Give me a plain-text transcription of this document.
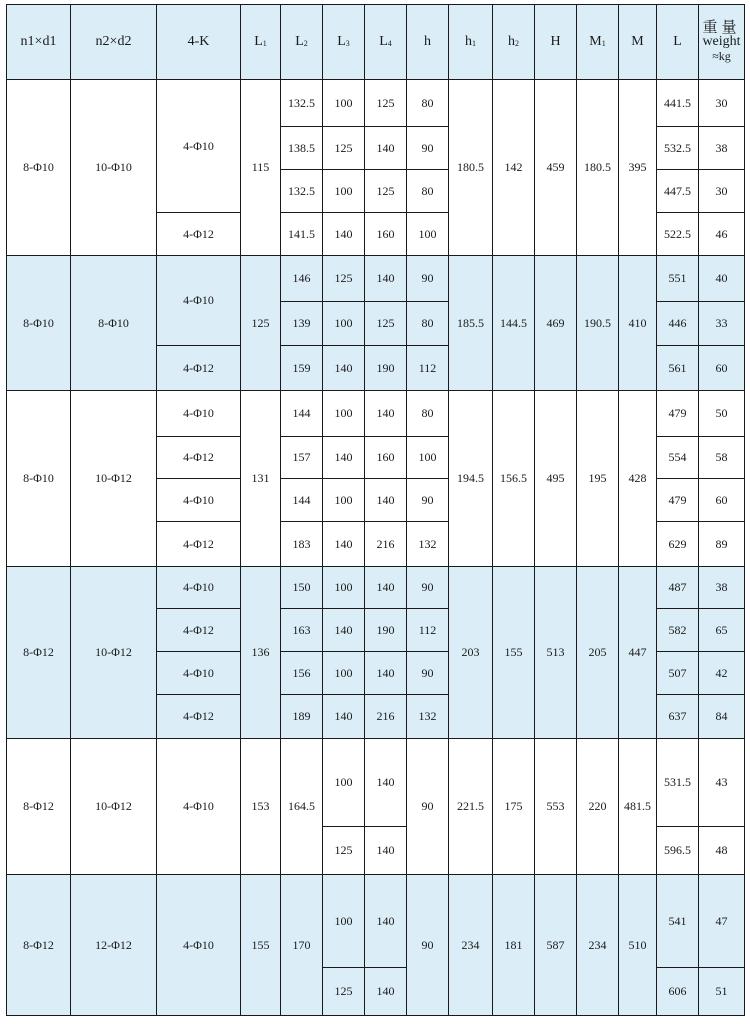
n1×d1	n2×d2	4-K	$L_1$	$L_2$	$L_3$	$L_4$	h	$h_1$	$h_2$	H	$M_1$	M	L	重量
weight
≈kg

8-Φ10	10-Φ10	4-Φ10	115	132.5	100	125	80	180.5	142	459	180.5	395	441.5	30
				138.5	125	140	90						532.5	38
				132.5	100	125	80						447.5	30
		4-Φ12		141.5	140	160	100						522.5	46
8-Φ10	8-Φ10	4-Φ10	125	146	125	140	90	185.5	144.5	469	190.5	410	551	40
				139	100	125	80						446	33
		4-Φ12		159	140	190	112						561	60
8-Φ10	10-Φ12	4-Φ10	131	144	100	140	80	194.5	156.5	495	195	428	479	50
		4-Φ12		157	140	160	100						554	58
		4-Φ10		144	100	140	90						479	60
		4-Φ12		183	140	216	132						629	89
8-Φ12	10-Φ12	4-Φ10	136	150	100	140	90	203	155	513	205	447	487	38
		4-Φ12		163	140	190	112						582	65
		4-Φ10		156	100	140	90						507	42
		4-Φ12		189	140	216	132						637	84
8-Φ12	10-Φ12	4-Φ10	153	164.5	100	140	90	221.5	175	553	220	481.5	531.5	43
					125	140							596.5	48
8-Φ12	12-Φ12	4-Φ10	155	170	100	140	90	234	181	587	234	510	541	47
					125	140							606	51
